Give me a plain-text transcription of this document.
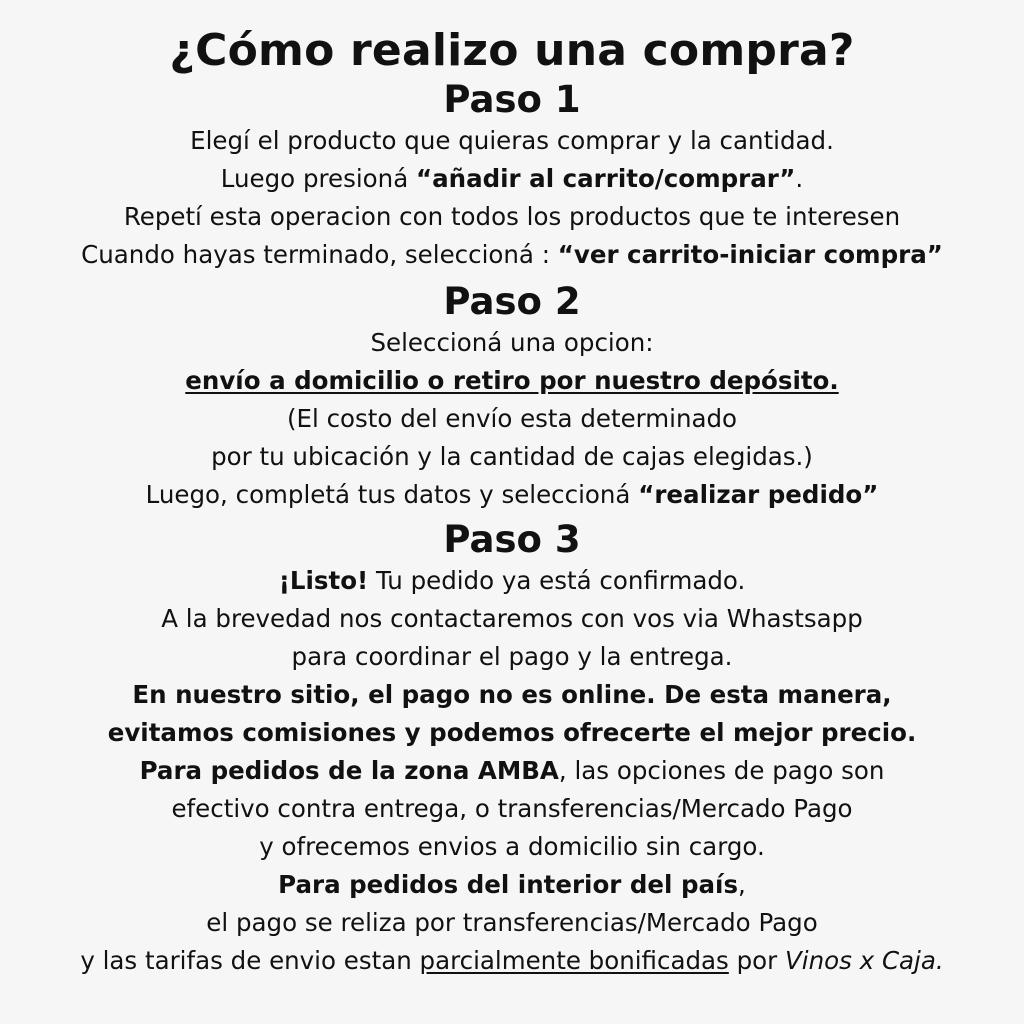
¿Cómo realizo una compra?
Paso 1

Elegí el producto que quieras comprar y la cantidad.

Luego presioná “añadir al carrito/comprar”.

Repetí esta operacion con todos los productos que te interesen

Cuando hayas terminado, seleccioná : “ver carrito-iniciar compra”

Paso 2

Seleccioná una opcion:

envío a domicilio o retiro por nuestro depósito.

(El costo del envío esta determinado

por tu ubicación y la cantidad de cajas elegidas.)

Luego, completá tus datos y seleccioná “realizar pedido”

Paso 3

¡Listo! Tu pedido ya está confirmado.

A la brevedad nos contactaremos con vos via Whastsapp

para coordinar el pago y la entrega.

En nuestro sitio, el pago no es online. De esta manera,

evitamos comisiones y podemos ofrecerte el mejor precio.

Para pedidos de la zona AMBA, las opciones de pago son

efectivo contra entrega, o transferencias/Mercado Pago

y ofrecemos envios a domicilio sin cargo.

Para pedidos del interior del país,

el pago se reliza por transferencias/Mercado Pago

y las tarifas de envio estan parcialmente bonificadas por Vinos x Caja.
